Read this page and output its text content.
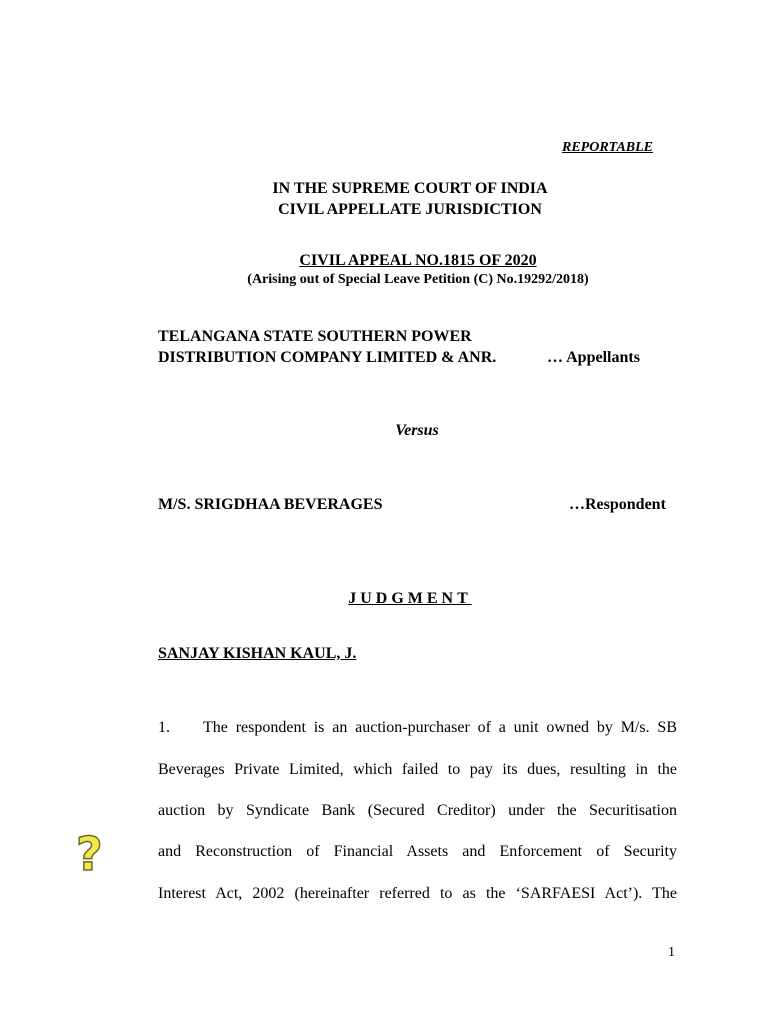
REPORTABLE
IN THE SUPREME COURT OF INDIA
CIVIL APPELLATE JURISDICTION
CIVIL APPEAL NO.1815 OF 2020
(Arising out of Special Leave Petition (C) No.19292/2018)
TELANGANA STATE SOUTHERN POWER
DISTRIBUTION COMPANY LIMITED & ANR.	… Appellants
Versus
M/S. SRIGDHAA BEVERAGES	…Respondent
JUDGMENT
SANJAY KISHAN KAUL, J.
1. The respondent is an auction-purchaser of a unit owned by M/s. SB
Beverages Private Limited, which failed to pay its dues, resulting in the
auction by Syndicate Bank (Secured Creditor) under the Securitisation
and Reconstruction of Financial Assets and Enforcement of Security
Interest Act, 2002 (hereinafter referred to as the ‘SARFAESI Act’). The
?
1
